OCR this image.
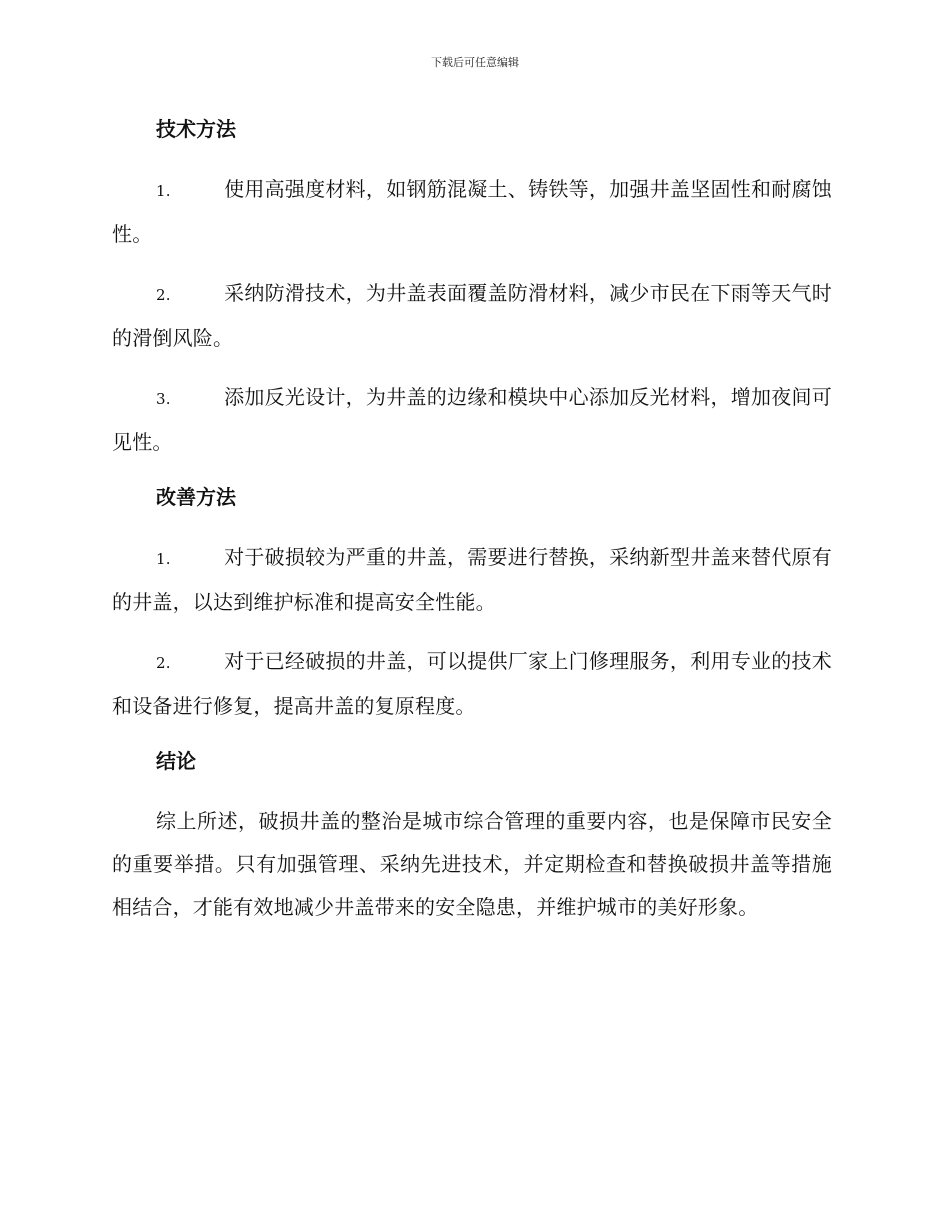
下载后可任意编辑
技术方法
1.	使用高强度材料，如钢筋混凝土、铸铁等，加强井盖坚固性和耐腐蚀性。
2.	采纳防滑技术，为井盖表面覆盖防滑材料，减少市民在下雨等天气时的滑倒风险。
3.	添加反光设计，为井盖的边缘和模块中心添加反光材料，增加夜间可见性。
改善方法
1.	对于破损较为严重的井盖，需要进行替换，采纳新型井盖来替代原有的井盖，以达到维护标准和提高安全性能。
2.	对于已经破损的井盖，可以提供厂家上门修理服务，利用专业的技术和设备进行修复，提高井盖的复原程度。
结论
综上所述，破损井盖的整治是城市综合管理的重要内容，也是保障市民安全的重要举措。只有加强管理、采纳先进技术，并定期检查和替换破损井盖等措施相结合，才能有效地减少井盖带来的安全隐患，并维护城市的美好形象。
